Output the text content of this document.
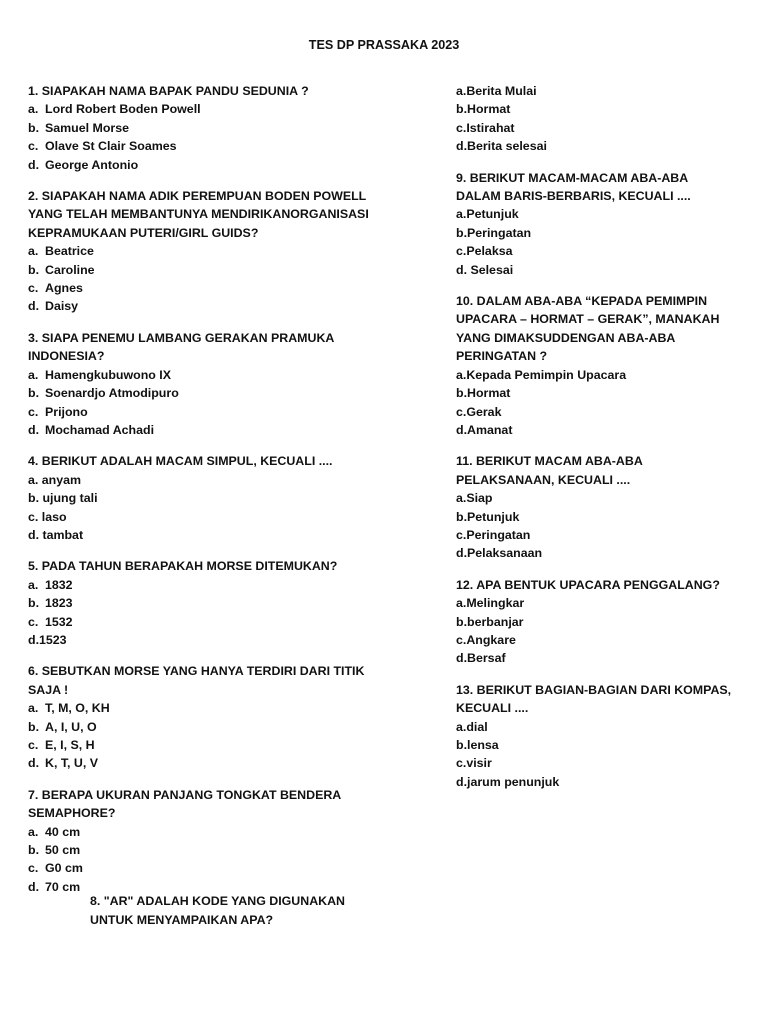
TES DP PRASSAKA 2023
1. SIAPAKAH NAMA BAPAK PANDU SEDUNIA ?
a. Lord Robert Boden Powell
b. Samuel Morse
c. Olave St Clair Soames
d. George Antonio
2. SIAPAKAH NAMA ADIK PEREMPUAN BODEN POWELL
YANG TELAH MEMBANTUNYA MENDIRIKANORGANISASI
KEPRAMUKAAN PUTERI/GIRL GUIDS?
a. Beatrice
b. Caroline
c. Agnes
d. Daisy
3. SIAPA PENEMU LAMBANG GERAKAN PRAMUKA
INDONESIA?
a. Hamengkubuwono IX
b. Soenardjo Atmodipuro
c. Prijono
d. Mochamad Achadi
4. BERIKUT ADALAH MACAM SIMPUL, KECUALI ....
a. anyam
b. ujung tali
c. laso
d. tambat
5. PADA TAHUN BERAPAKAH MORSE DITEMUKAN?
a. 1832
b. 1823
c. 1532
d.1523
6. SEBUTKAN MORSE YANG HANYA TERDIRI DARI TITIK
SAJA !
a. T, M, O, KH
b. A, I, U, O
c. E, I, S, H
d. K, T, U, V
7. BERAPA UKURAN PANJANG TONGKAT BENDERA
SEMAPHORE?
a. 40 cm
b. 50 cm
c. G0 cm
d. 70 cm
8. "AR" ADALAH KODE YANG DIGUNAKAN
UNTUK MENYAMPAIKAN APA?
a.Berita Mulai
b.Hormat
c.Istirahat
d.Berita selesai
9. BERIKUT MACAM-MACAM ABA-ABA
DALAM BARIS-BERBARIS, KECUALI ....
a.Petunjuk
b.Peringatan
c.Pelaksa
d. Selesai
10. DALAM ABA-ABA “KEPADA PEMIMPIN
UPACARA – HORMAT – GERAK”, MANAKAH
YANG DIMAKSUDDENGAN ABA-ABA
PERINGATAN ?
a.Kepada Pemimpin Upacara
b.Hormat
c.Gerak
d.Amanat
11. BERIKUT MACAM ABA-ABA
PELAKSANAAN, KECUALI ....
a.Siap
b.Petunjuk
c.Peringatan
d.Pelaksanaan
12. APA BENTUK UPACARA PENGGALANG?
a.Melingkar
b.berbanjar
c.Angkare
d.Bersaf
13. BERIKUT BAGIAN-BAGIAN DARI KOMPAS,
KECUALI ....
a.dial
b.lensa
c.visir
d.jarum penunjuk
